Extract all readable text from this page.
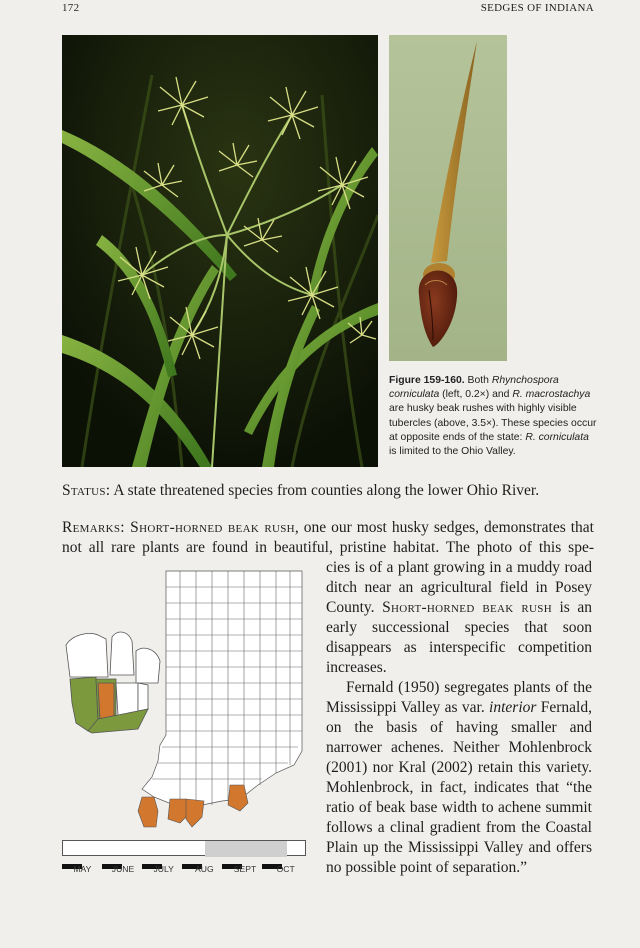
172	SEDGES OF INDIANA

Figure 159-160. Both Rhynchospora corniculata (left, 0.2×) and R. macrostachya are husky beak rushes with highly visible tubercles (above, 3.5×). These species occur at opposite ends of the state: R. corniculata is limited to the Ohio Valley.

Status: A state threatened species from counties along the lower Ohio River.

Remarks: Short-horned beak rush, one our most husky sedges, demonstrates that

not all rare plants are found in beautiful, pristine habitat. The photo of this spe-

cies is of a plant growing in a muddy road ditch near an agricultural field in Posey County. Short-horned beak rush is an early successional species that soon disappears as interspecific competition increases.

Fernald (1950) segregates plants of the Mississippi Valley as var. interior Fernald, on the basis of having smaller and narrower achenes. Neither Mohlenbrock (2001) nor Kral (2002) retain this variety. Mohlenbrock, in fact, indicates that “the ratio of beak base width to achene summit follows a clinal gradient from the Coastal Plain up the Mississippi Valley and offers no possible point of separation.”

MAY	JUNE	JULY	AUG	SEPT	OCT
